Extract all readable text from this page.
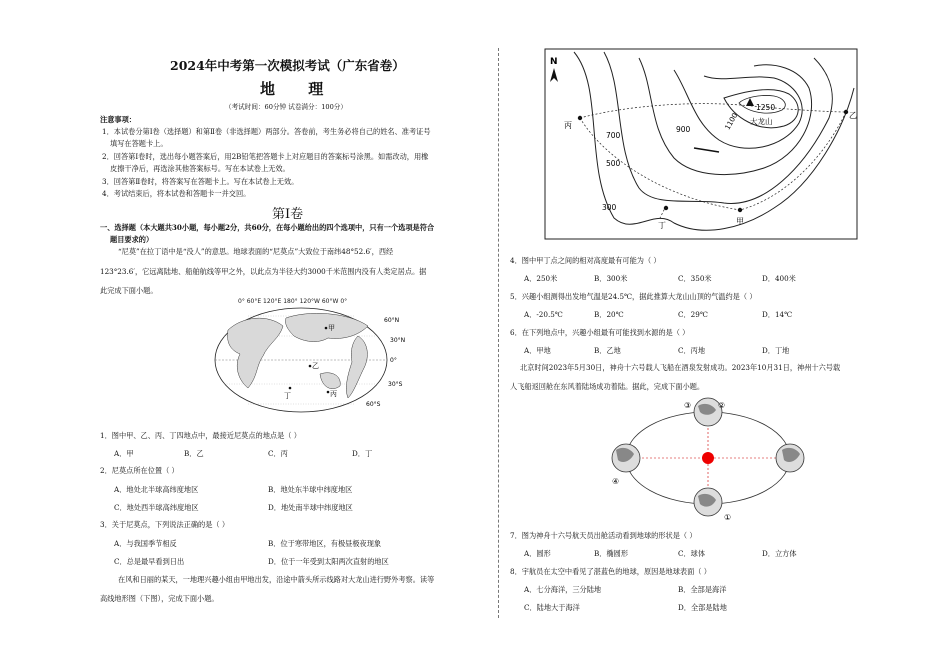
2024年中考第一次模拟考试（广东省卷）
地 理
（考试时间：60分钟 试卷满分：100分）
注意事项：
1．本试卷分第Ⅰ卷（选择题）和第Ⅱ卷（非选择题）两部分。答卷前，考生务必将自己的姓名、准考证号
填写在答题卡上。
2．回答第Ⅰ卷时，选出每小题答案后，用2B铅笔把答题卡上对应题目的答案标号涂黑。如需改动，用橡
皮擦干净后，再选涂其他答案标号。写在本试卷上无效。
3．回答第Ⅱ卷时，将答案写在答题卡上。写在本试卷上无效。
4．考试结束后，将本试卷和答题卡一并交回。
第Ⅰ卷
一、选择题（本大题共30小题，每小题2分，共60分，在每小题给出的四个选项中，只有一个选项是符合
题目要求的）
“尼莫”在拉丁语中是“没人”的意思。地球表面的“尼莫点”大致位于南纬48°52.6′，西经
123°23.6′，它远离陆地、船舶航线等甲之外，以此点为半径大约3000千米范围内没有人类定居点。据
此完成下面小题。
0° 60°E 120°E 180° 120°W 60°W 0°
60°N
30°N
0°
30°S
60°S
甲
乙
丙
丁
1．图中甲、乙、丙、丁四地点中，最接近尼莫点的地点是（ ）
A．甲	B．乙	C．丙	D．丁
2．尼莫点所在位置（ ）
A．地处北半球高纬度地区	B．地处东半球中纬度地区
C．地处西半球高纬度地区	D．地处南半球中纬度地区
3．关于尼莫点，下列说法正确的是（ ）
A．与我国季节相反	B．位于寒带地区，有极昼极夜现象
C．总是最早看到日出	D．位于一年受到太阳两次直射的地区
在风和日丽的某天，一地理兴趣小组由甲地出发，沿途中箭头所示线路对大龙山进行野外考察。读等
高线地形图（下图），完成下面小题。
N
1250
大龙山
1100
900
700
500
300
丙
乙
甲
丁
4．图中甲丁点之间的相对高度最有可能为（ ）
A．250米	B．300米	C．350米	D．400米
5．兴趣小组测得出发地气温是24.5℃，据此推算大龙山山顶的气温约是（ ）
A．-20.5℃	B．20℃	C．29℃	D．14℃
6．在下列地点中，兴趣小组最有可能找到水源的是（ ）
A．甲地	B．乙地	C．丙地	D．丁地
北京时间2023年5月30日，神舟十六号载人飞船在酒泉发射成功。2023年10月31日，神州十六号载
人飞船返回舱在东风着陆场成功着陆。据此，完成下面小题。
③	②
④
①
7．图为神舟十六号航天员出舱活动看到地球的形状是（ ）
A．圆形	B．椭圆形	C．球体	D．立方体
8．宇航员在太空中看见了湛蓝色的地球，原因是地球表面（ ）
A．七分海洋，三分陆地	B．全部是海洋
C．陆地大于海洋	D．全部是陆地
